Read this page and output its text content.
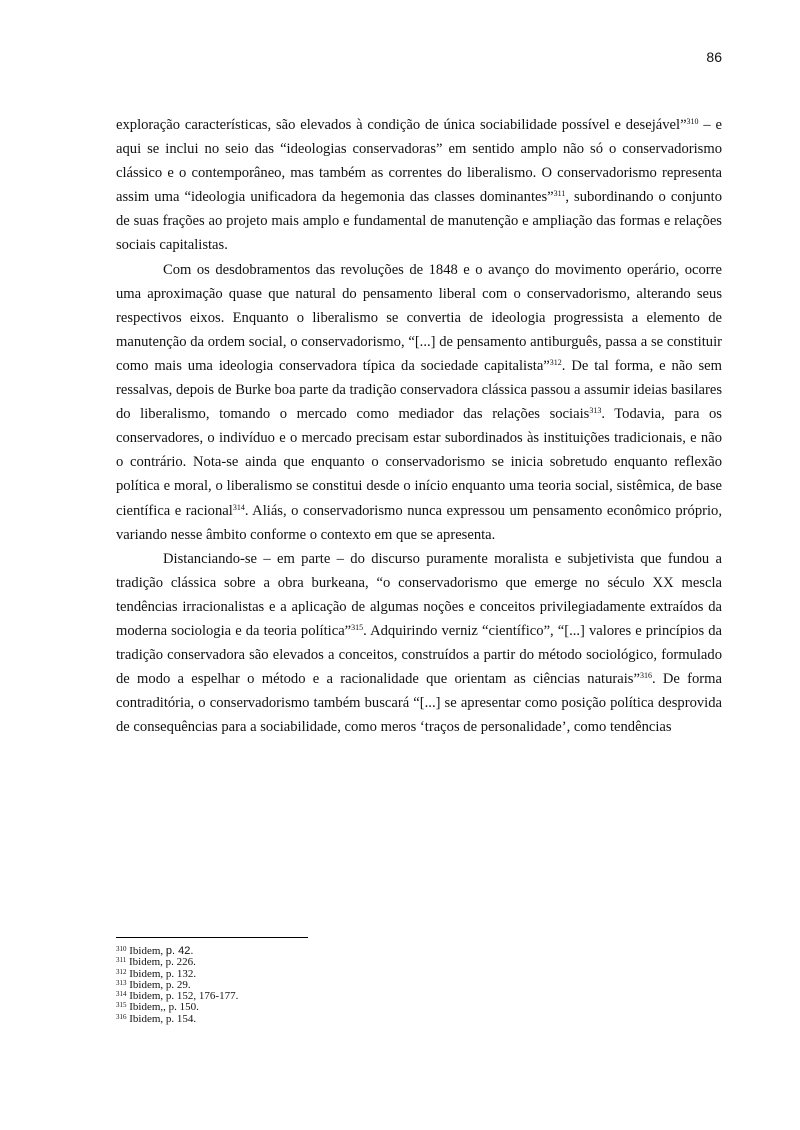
86

exploração características, são elevados à condição de única sociabilidade possível e desejável”$^{310}$ – e aqui se inclui no seio das “ideologias conservadoras” em sentido amplo não só o conservadorismo clássico e o contemporâneo, mas também as correntes do liberalismo. O conservadorismo representa assim uma “ideologia unificadora da hegemonia das classes dominantes”$^{311}$, subordinando o conjunto de suas frações ao projeto mais amplo e fundamental de manutenção e ampliação das formas e relações sociais capitalistas.

Com os desdobramentos das revoluções de 1848 e o avanço do movimento operário, ocorre uma aproximação quase que natural do pensamento liberal com o conservadorismo, alterando seus respectivos eixos. Enquanto o liberalismo se convertia de ideologia progressista a elemento de manutenção da ordem social, o conservadorismo, “[...] de pensamento antiburguês, passa a se constituir como mais uma ideologia conservadora típica da sociedade capitalista”$^{312}$. De tal forma, e não sem ressalvas, depois de Burke boa parte da tradição conservadora clássica passou a assumir ideias basilares do liberalismo, tomando o mercado como mediador das relações sociais$^{313}$. Todavia, para os conservadores, o indivíduo e o mercado precisam estar subordinados às instituições tradicionais, e não o contrário. Nota-se ainda que enquanto o conservadorismo se inicia sobretudo enquanto reflexão política e moral, o liberalismo se constitui desde o início enquanto uma teoria social, sistêmica, de base científica e racional$^{314}$. Aliás, o conservadorismo nunca expressou um pensamento econômico próprio, variando nesse âmbito conforme o contexto em que se apresenta.

Distanciando-se – em parte – do discurso puramente moralista e subjetivista que fundou a tradição clássica sobre a obra burkeana, “o conservadorismo que emerge no século XX mescla tendências irracionalistas e a aplicação de algumas noções e conceitos privilegiadamente extraídos da moderna sociologia e da teoria política”$^{315}$. Adquirindo verniz “científico”, “[...] valores e princípios da tradição conservadora são elevados a conceitos, construídos a partir do método sociológico, formulado de modo a espelhar o método e a racionalidade que orientam as ciências naturais”$^{316}$. De forma contraditória, o conservadorismo também buscará “[...] se apresentar como posição política desprovida de consequências para a sociabilidade, como meros ‘traços de personalidade’, como tendências

$^{310}$ Ibidem, p. 42.
$^{311}$ Ibidem, p. 226.
$^{312}$ Ibidem, p. 132.
$^{313}$ Ibidem, p. 29.
$^{314}$ Ibidem, p. 152, 176-177.
$^{315}$ Ibidem,, p. 150.
$^{316}$ Ibidem, p. 154.
